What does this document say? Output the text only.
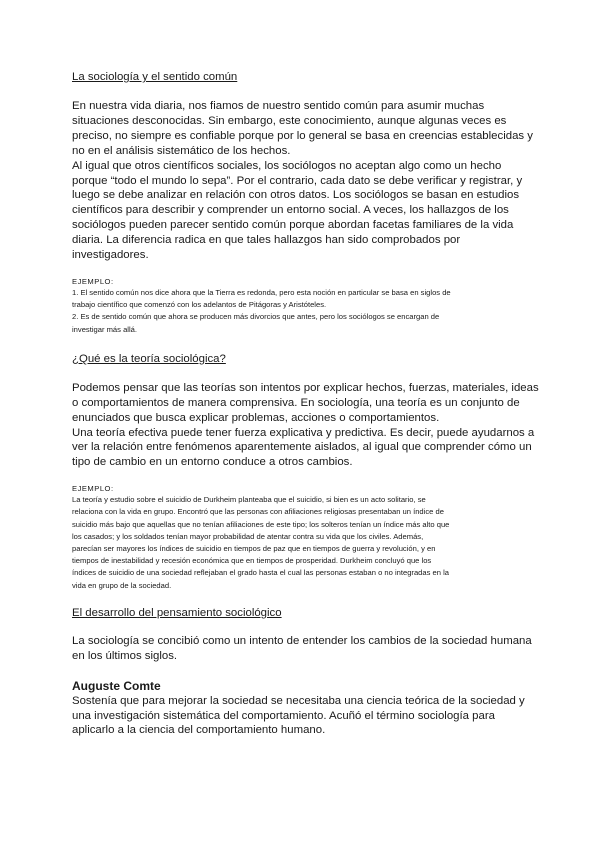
La sociología y el sentido común

En nuestra vida diaria, nos fiamos de nuestro sentido común para asumir muchas

situaciones desconocidas. Sin embargo, este conocimiento, aunque algunas veces es

preciso, no siempre es confiable porque por lo general se basa en creencias establecidas y

no en el análisis sistemático de los hechos.

Al igual que otros científicos sociales, los sociólogos no aceptan algo como un hecho

porque “todo el mundo lo sepa”. Por el contrario, cada dato se debe verificar y registrar, y

luego se debe analizar en relación con otros datos. Los sociólogos se basan en estudios

científicos para describir y comprender un entorno social. A veces, los hallazgos de los

sociólogos pueden parecer sentido común porque abordan facetas familiares de la vida

diaria. La diferencia radica en que tales hallazgos han sido comprobados por

investigadores.

EJEMPLO:

1. El sentido común nos dice ahora que la Tierra es redonda, pero esta noción en particular se basa en siglos de

trabajo científico que comenzó con los adelantos de Pitágoras y Aristóteles.

2. Es de sentido común que ahora se producen más divorcios que antes, pero los sociólogos se encargan de

investigar más allá.

¿Qué es la teoría sociológica?

Podemos pensar que las teorías son intentos por explicar hechos, fuerzas, materiales, ideas

o comportamientos de manera comprensiva. En sociología, una teoría es un conjunto de

enunciados que busca explicar problemas, acciones o comportamientos.

Una teoría efectiva puede tener fuerza explicativa y predictiva. Es decir, puede ayudarnos a

ver la relación entre fenómenos aparentemente aislados, al igual que comprender cómo un

tipo de cambio en un entorno conduce a otros cambios.

EJEMPLO:

La teoría y estudio sobre el suicidio de Durkheim planteaba que el suicidio, si bien es un acto solitario, se

relaciona con la vida en grupo. Encontró que las personas con afiliaciones religiosas presentaban un índice de

suicidio más bajo que aquellas que no tenían afiliaciones de este tipo; los solteros tenían un índice más alto que

los casados; y los soldados tenían mayor probabilidad de atentar contra su vida que los civiles. Además,

parecían ser mayores los índices de suicidio en tiempos de paz que en tiempos de guerra y revolución, y en

tiempos de inestabilidad y recesión económica que en tiempos de prosperidad. Durkheim concluyó que los

índices de suicidio de una sociedad reflejaban el grado hasta el cual las personas estaban o no integradas en la

vida en grupo de la sociedad.

El desarrollo del pensamiento sociológico

La sociología se concibió como un intento de entender los cambios de la sociedad humana

en los últimos siglos.

Auguste Comte

Sostenía que para mejorar la sociedad se necesitaba una ciencia teórica de la sociedad y

una investigación sistemática del comportamiento. Acuñó el término sociología para

aplicarlo a la ciencia del comportamiento humano.
